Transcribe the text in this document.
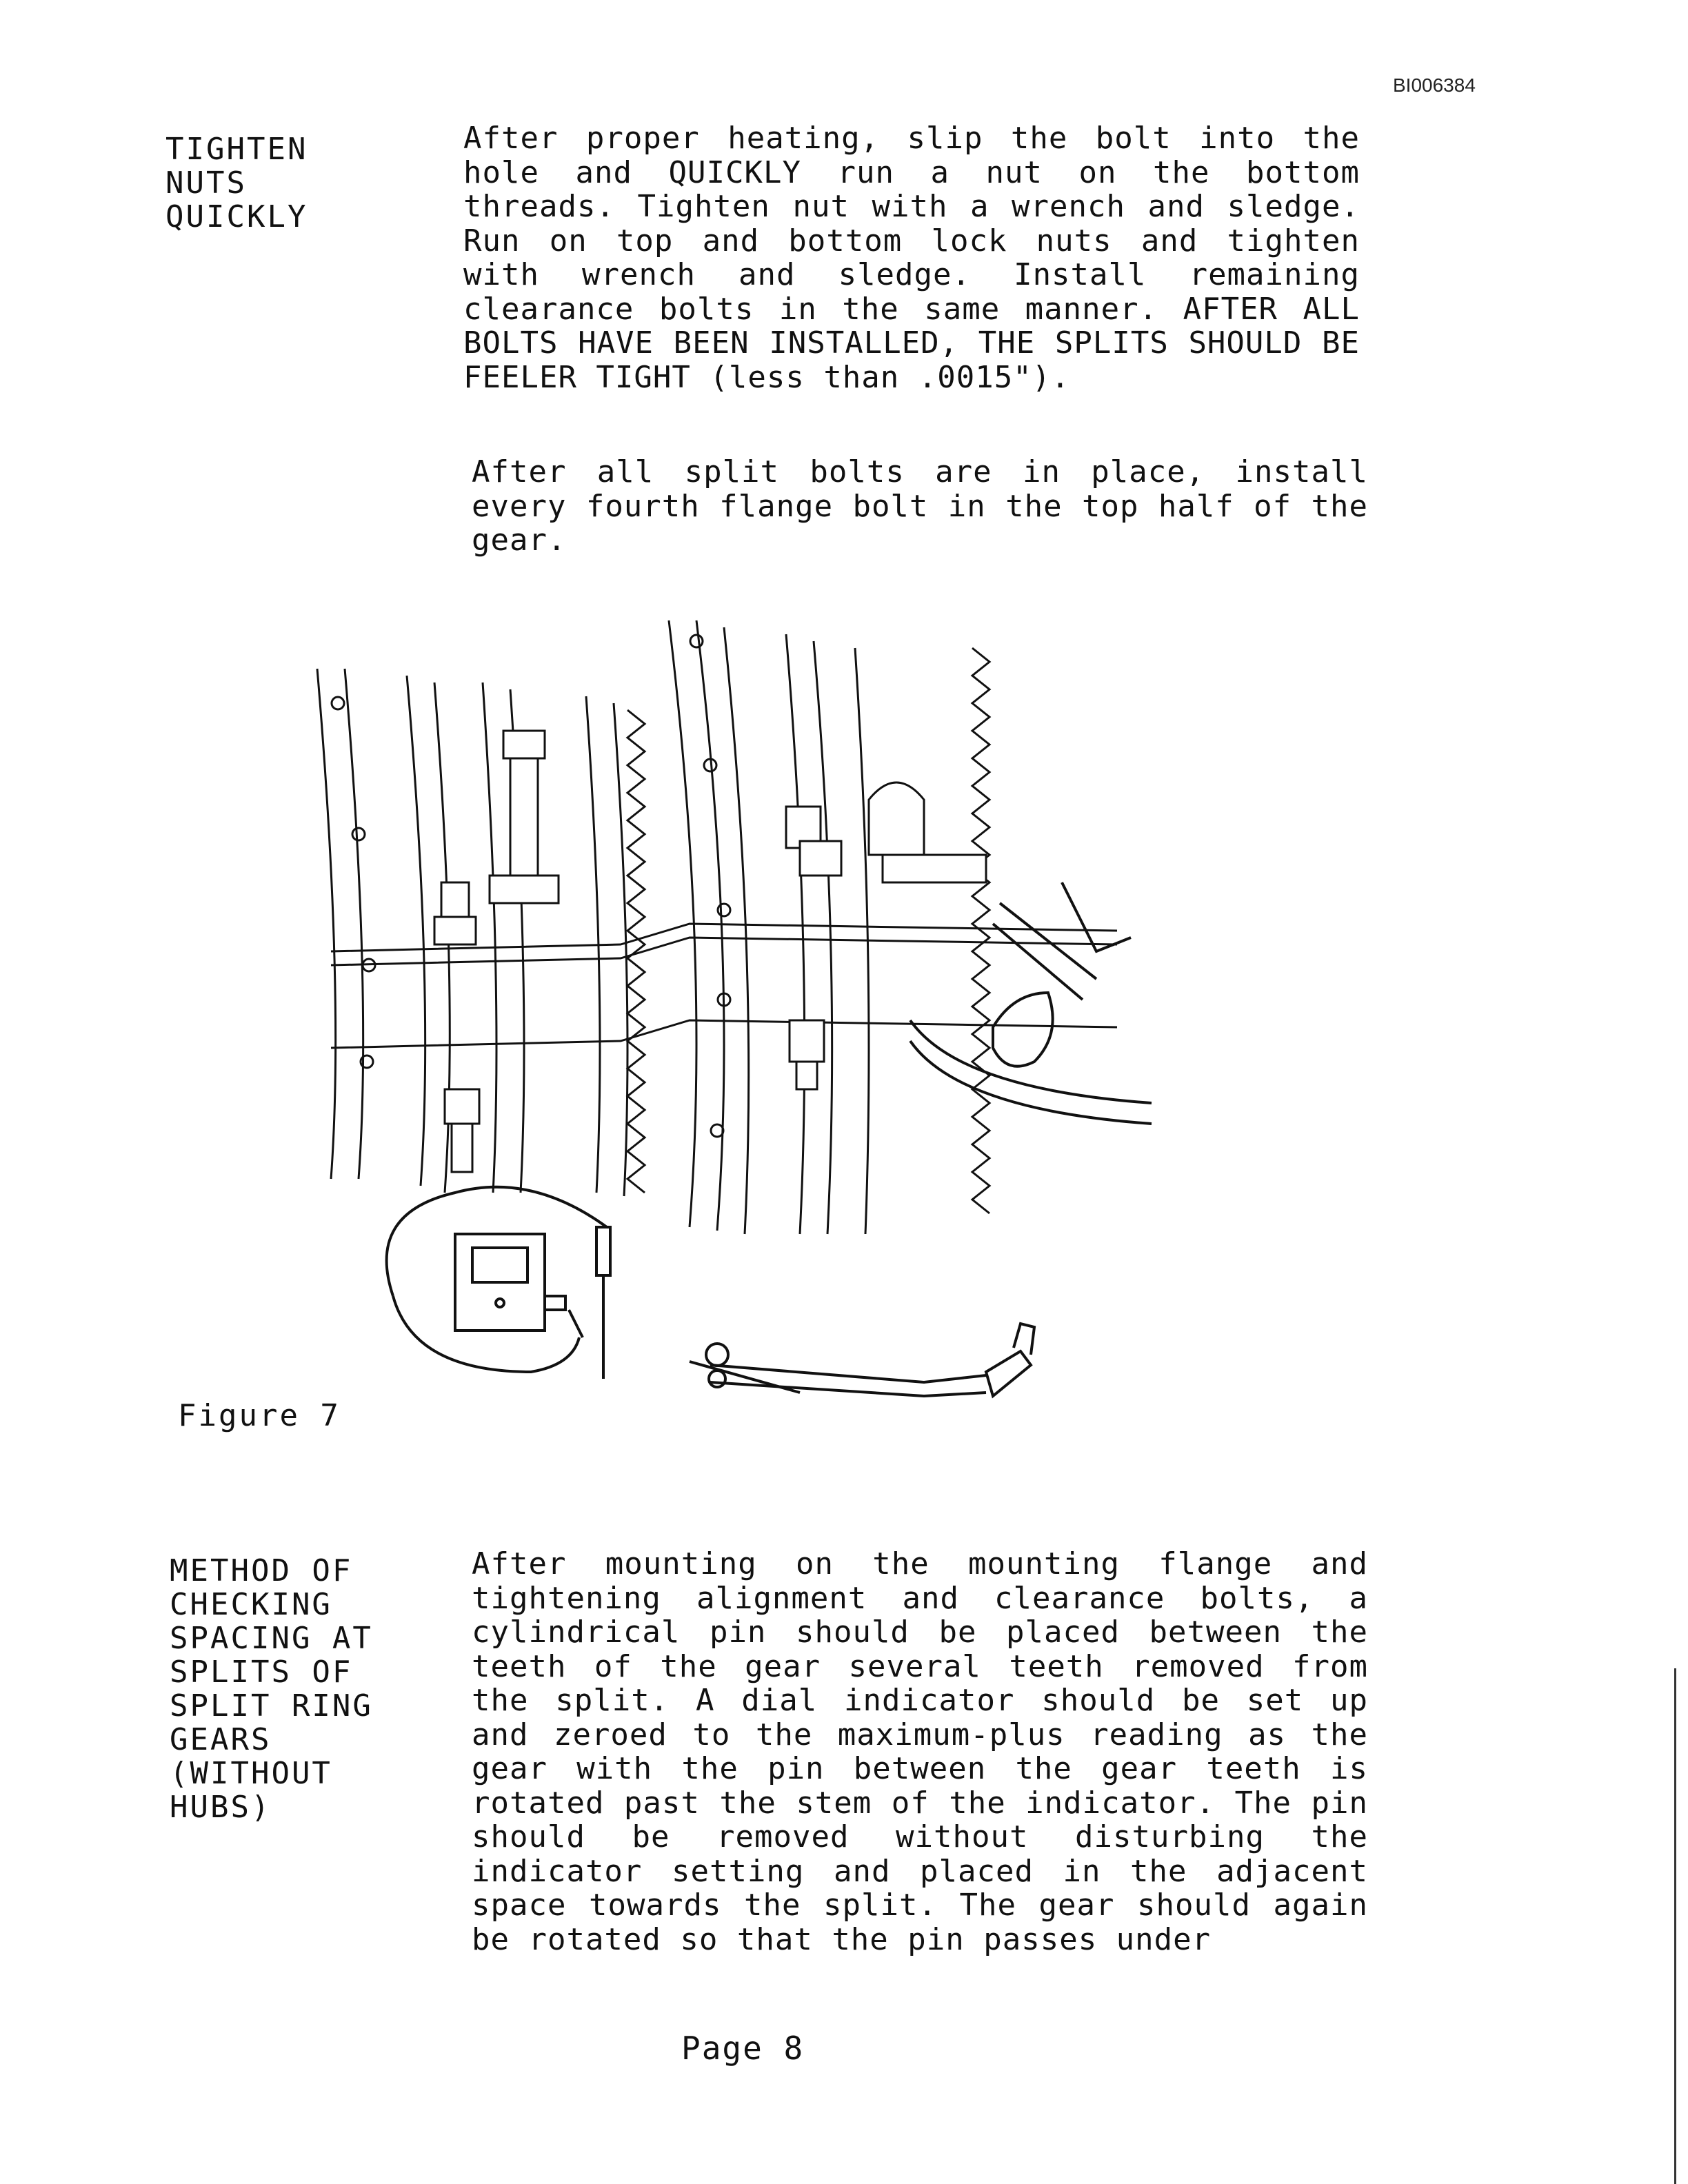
BI006384
TIGHTEN
NUTS
QUICKLY

After proper heating, slip the bolt into the hole and QUICKLY run a nut on the bottom threads. Tighten nut with a wrench and sledge. Run on top and bottom lock nuts and tighten with wrench and sledge. Install remaining clearance bolts in the same manner. AFTER ALL BOLTS HAVE BEEN INSTALLED, THE SPLITS SHOULD BE FEELER TIGHT (less than .0015").

After all split bolts are in place, install every fourth flange bolt in the top half of the gear.

Figure 7
METHOD OF
CHECKING
SPACING AT
SPLITS OF
SPLIT RING
GEARS
(WITHOUT
HUBS)

After mounting on the mounting flange and tightening alignment and clearance bolts, a cylindrical pin should be placed between the teeth of the gear several teeth removed from the split. A dial indicator should be set up and zeroed to the maximum-plus reading as the gear with the pin between the gear teeth is rotated past the stem of the indicator. The pin should be removed without disturbing the indicator setting and placed in the adjacent space towards the split. The gear should again be rotated so that the pin passes under

Page 8
